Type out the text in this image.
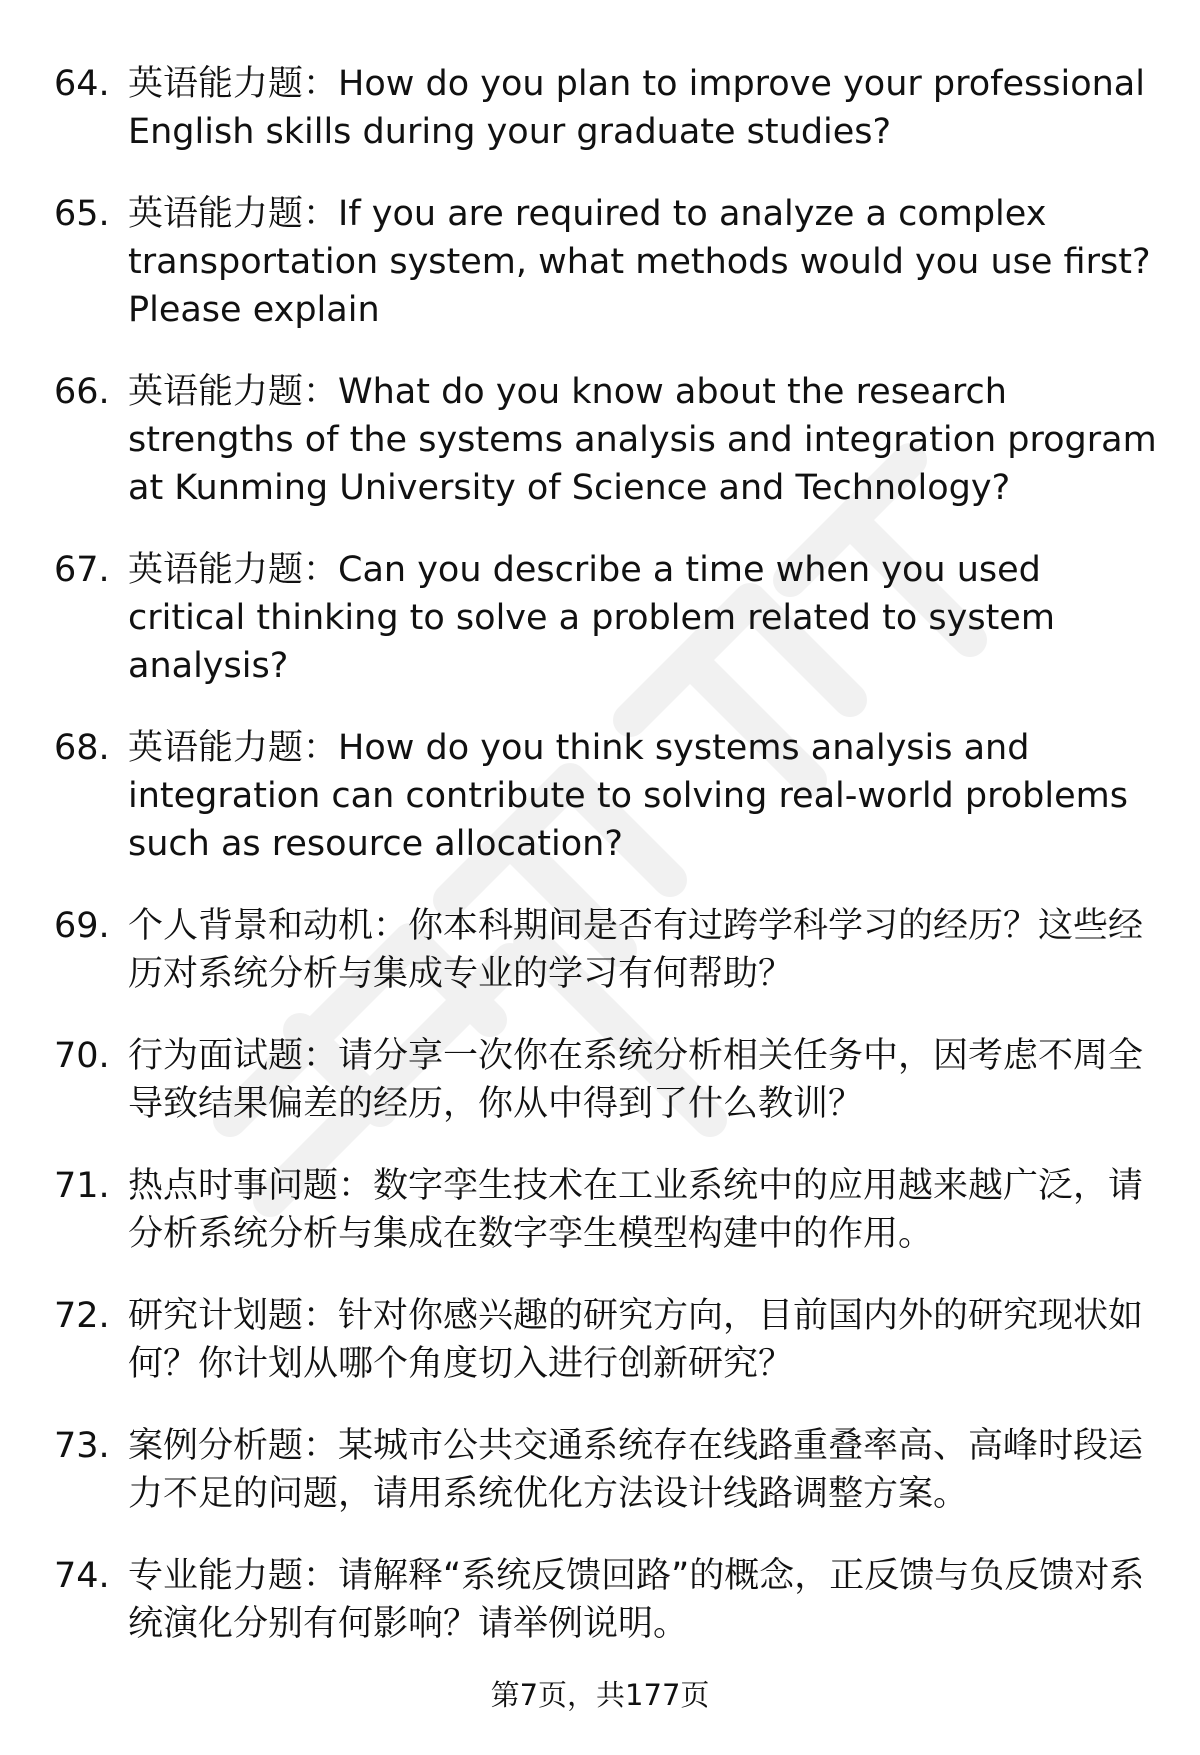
64. 英语能力题：How do you plan to improve your professional English skills during your graduate studies?
65. 英语能力题：If you are required to analyze a complex transportation system, what methods would you use first? Please explain
66. 英语能力题：What do you know about the research strengths of the systems analysis and integration program at Kunming University of Science and Technology?
67. 英语能力题：Can you describe a time when you used critical thinking to solve a problem related to system analysis?
68. 英语能力题：How do you think systems analysis and integration can contribute to solving real-world problems such as resource allocation?
69. 个人背景和动机：你本科期间是否有过跨学科学习的经历？这些经历对系统分析与集成专业的学习有何帮助？
70. 行为面试题：请分享一次你在系统分析相关任务中，因考虑不周全导致结果偏差的经历，你从中得到了什么教训？
71. 热点时事问题：数字孪生技术在工业系统中的应用越来越广泛，请分析系统分析与集成在数字孪生模型构建中的作用。
72. 研究计划题：针对你感兴趣的研究方向，目前国内外的研究现状如何？你计划从哪个角度切入进行创新研究？
73. 案例分析题：某城市公共交通系统存在线路重叠率高、高峰时段运力不足的问题，请用系统优化方法设计线路调整方案。
74. 专业能力题：请解释“系统反馈回路”的概念，正反馈与负反馈对系统演化分别有何影响？请举例说明。
第7页，共177页
